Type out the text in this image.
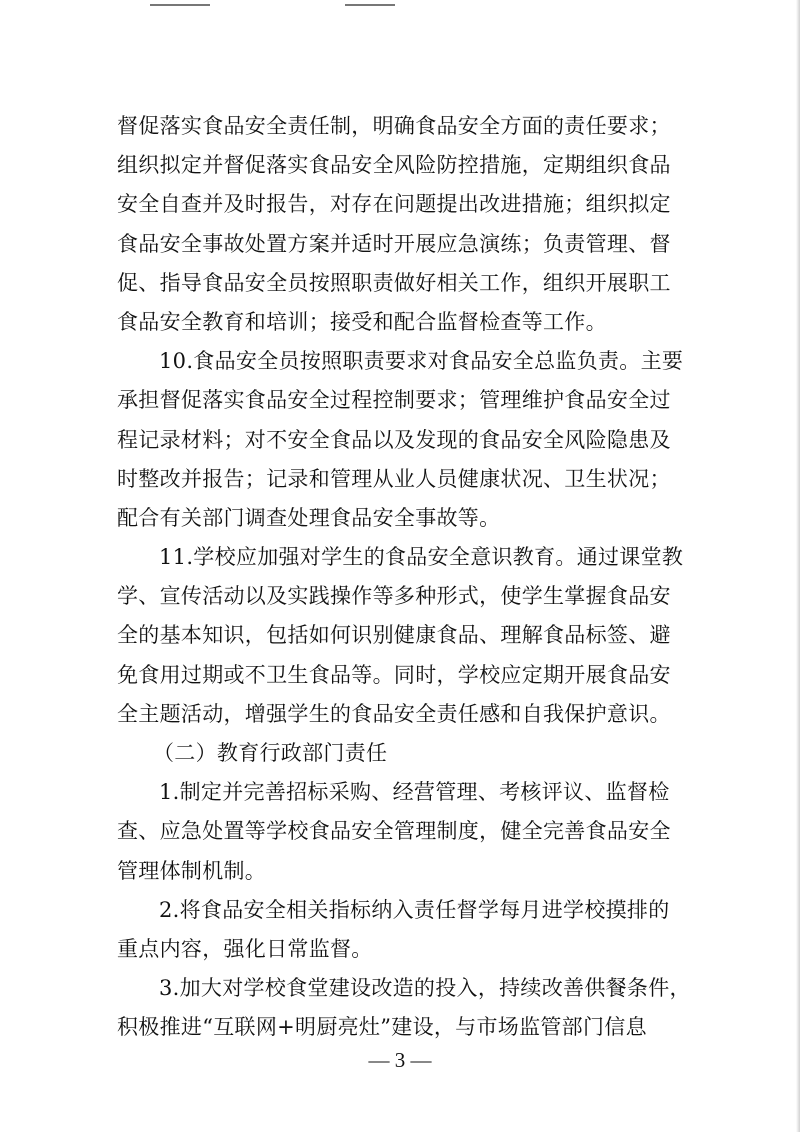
督促落实食品安全责任制，明确食品安全方面的责任要求；
组织拟定并督促落实食品安全风险防控措施，定期组织食品
安全自查并及时报告，对存在问题提出改进措施；组织拟定
食品安全事故处置方案并适时开展应急演练；负责管理、督
促、指导食品安全员按照职责做好相关工作，组织开展职工
食品安全教育和培训；接受和配合监督检查等工作。
10.食品安全员按照职责要求对食品安全总监负责。主要
承担督促落实食品安全过程控制要求；管理维护食品安全过
程记录材料；对不安全食品以及发现的食品安全风险隐患及
时整改并报告；记录和管理从业人员健康状况、卫生状况；
配合有关部门调查处理食品安全事故等。
11.学校应加强对学生的食品安全意识教育。通过课堂教
学、宣传活动以及实践操作等多种形式，使学生掌握食品安
全的基本知识，包括如何识别健康食品、理解食品标签、避
免食用过期或不卫生食品等。同时，学校应定期开展食品安
全主题活动，增强学生的食品安全责任感和自我保护意识。
（二）教育行政部门责任
1.制定并完善招标采购、经营管理、考核评议、监督检
查、应急处置等学校食品安全管理制度，健全完善食品安全
管理体制机制。
2.将食品安全相关指标纳入责任督学每月进学校摸排的
重点内容，强化日常监督。
3.加大对学校食堂建设改造的投入，持续改善供餐条件，
积极推进“互联网+明厨亮灶”建设，与市场监管部门信息
— 3 —
